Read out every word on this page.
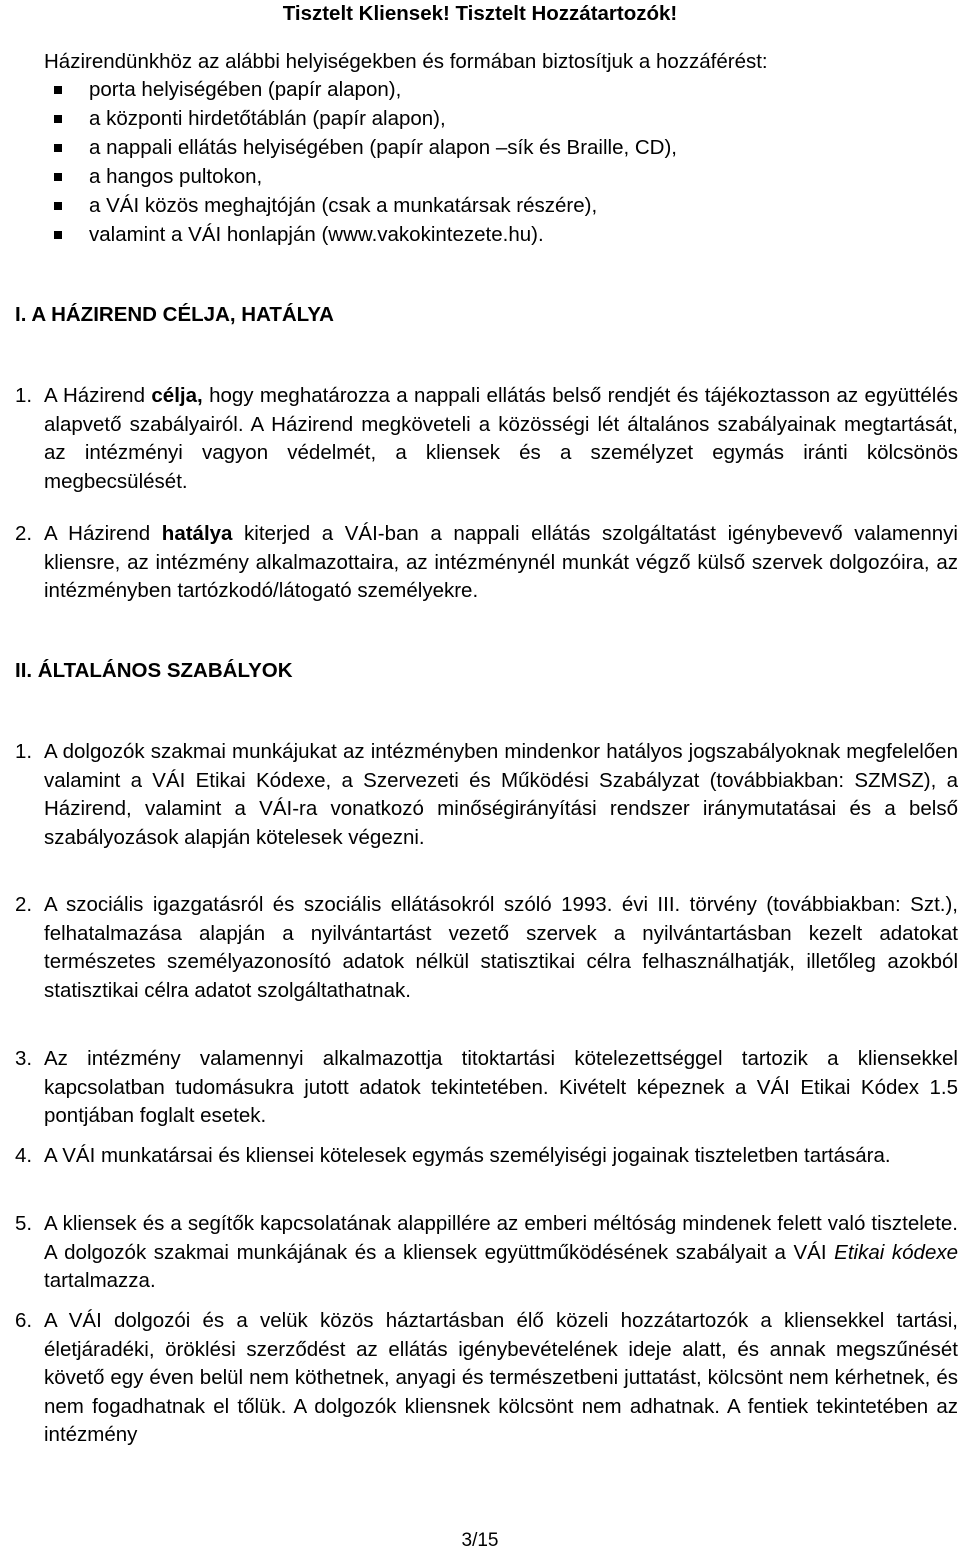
Tisztelt Kliensek! Tisztelt Hozzátartozók!

Házirendünkhöz az alábbi helyiségekben és formában biztosítjuk a hozzáférést:

porta helyiségében (papír alapon),
a központi hirdetőtáblán (papír alapon),
a nappali ellátás helyiségében (papír alapon –sík és Braille, CD),
a hangos pultokon,
a VÁI közös meghajtóján (csak a munkatársak részére),
valamint a VÁI honlapján (www.vakokintezete.hu).
I. A HÁZIREND CÉLJA, HATÁLYA
1. A Házirend célja, hogy meghatározza a nappali ellátás belső rendjét és tájékoztasson az együttélés alapvető szabályairól. A Házirend megköveteli a közösségi lét általános szabályainak megtartását, az intézményi vagyon védelmét, a kliensek és a személyzet egymás iránti kölcsönös megbecsülését.
2. A Házirend hatálya kiterjed a VÁI-ban a nappali ellátás szolgáltatást igénybevevő valamennyi kliensre, az intézmény alkalmazottaira, az intézménynél munkát végző külső szervek dolgozóira, az intézményben tartózkodó/látogató személyekre.
II. ÁLTALÁNOS SZABÁLYOK
1. A dolgozók szakmai munkájukat az intézményben mindenkor hatályos jogszabályoknak megfelelően valamint a VÁI Etikai Kódexe, a Szervezeti és Működési Szabályzat (továbbiakban: SZMSZ), a Házirend, valamint a VÁI-ra vonatkozó minőségirányítási rendszer iránymutatásai és a belső szabályozások alapján kötelesek végezni.
2. A szociális igazgatásról és szociális ellátásokról szóló 1993. évi III. törvény (továbbiakban: Szt.), felhatalmazása alapján a nyilvántartást vezető szervek a nyilvántartásban kezelt adatokat természetes személyazonosító adatok nélkül statisztikai célra felhasználhatják, illetőleg azokból statisztikai célra adatot szolgáltathatnak.
3. Az intézmény valamennyi alkalmazottja titoktartási kötelezettséggel tartozik a kliensekkel kapcsolatban tudomásukra jutott adatok tekintetében. Kivételt képeznek a VÁI Etikai Kódex 1.5 pontjában foglalt esetek.
4. A VÁI munkatársai és kliensei kötelesek egymás személyiségi jogainak tiszteletben tartására.
5. A kliensek és a segítők kapcsolatának alappillére az emberi méltóság mindenek felett való tisztelete. A dolgozók szakmai munkájának és a kliensek együttműködésének szabályait a VÁI Etikai kódexe tartalmazza.
6. A VÁI dolgozói és a velük közös háztartásban élő közeli hozzátartozók a kliensekkel tartási, életjáradéki, öröklési szerződést az ellátás igénybevételének ideje alatt, és annak megszűnését követő egy éven belül nem köthetnek, anyagi és természetbeni juttatást, kölcsönt nem kérhetnek, és nem fogadhatnak el tőlük. A dolgozók kliensnek kölcsönt nem adhatnak. A fentiek tekintetében az intézmény

3/15
